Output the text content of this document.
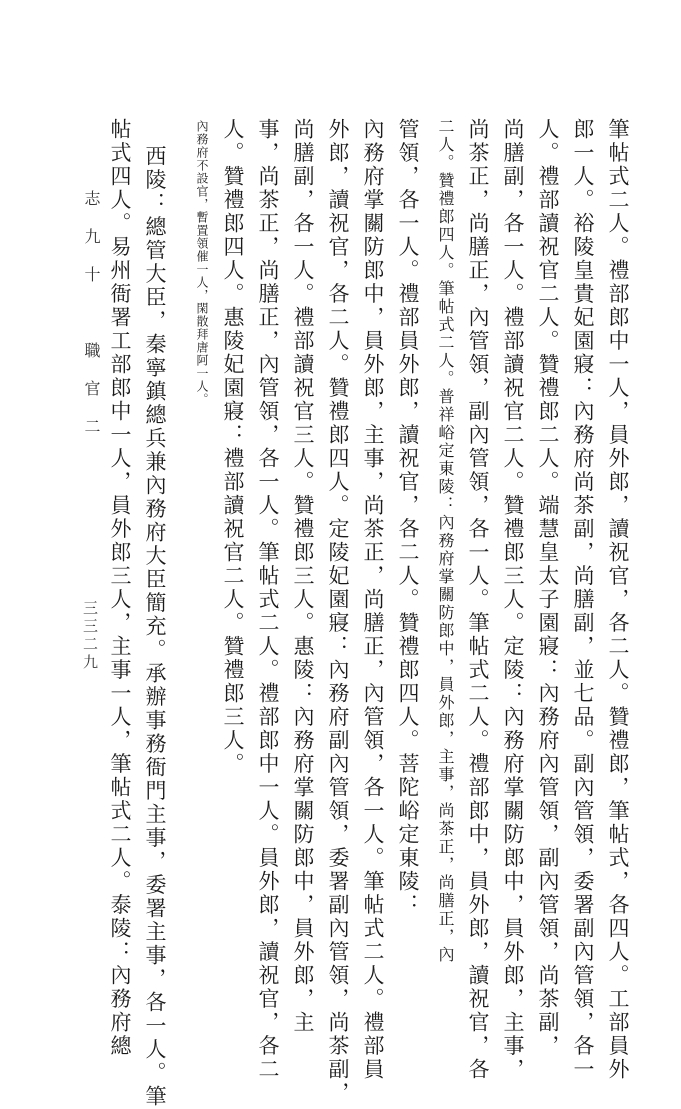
志九十　職官二
三三二九	筆帖式二人。禮部郎中一人，員外郎，讀祝官，各二人。贊禮郎，筆帖式，各四人。工部員外
郎一人。裕陵皇貴妃園寢：內務府尚茶副，尚膳副，並七品。副內管領，委署副內管領，各一
人。禮部讀祝官二人。贊禮郎二人。端慧皇太子園寢：內務府內管領，副內管領，尚茶副，
尚膳副，各一人。禮部讀祝官二人。贊禮郎三人。定陵：內務府掌關防郎中，員外郎，主事，
尚茶正，尚膳正，內管領，副內管領，各一人。筆帖式二人。禮部郎中，員外郎，讀祝官，各
二人。贊禮郎四人。筆帖式二人。普祥峪定東陵：內務府掌關防郎中，員外郎，主事，尚茶正，尚膳正，內
管領，各一人。禮部員外郎，讀祝官，各二人。贊禮郎四人。菩陀峪定東陵：
內務府掌關防郎中，員外郎，主事，尚茶正，尚膳正，內管領，各一人。筆帖式二人。禮部員
外郎，讀祝官，各二人。贊禮郎四人。定陵妃園寢：內務府副內管領，委署副內管領，尚茶副，
尚膳副，各一人。禮部讀祝官三人。贊禮郎三人。惠陵：內務府掌關防郎中，員外郎，主
事，尚茶正，尚膳正，內管領，各一人。筆帖式二人。禮部郎中一人。員外郎，讀祝官，各二
人。贊禮郎四人。惠陵妃園寢：禮部讀祝官二人。贊禮郎三人。
內務府不設官，暫置領催一人，閑散拜唐阿一人。
西陵：總管大臣，秦寧鎮總兵兼內務府大臣簡充。承辦事務衙門主事，委署主事，各一人。筆
帖式四人。易州衙署工部郎中一人，員外郎三人，主事一人，筆帖式二人。泰陵：內務府總
